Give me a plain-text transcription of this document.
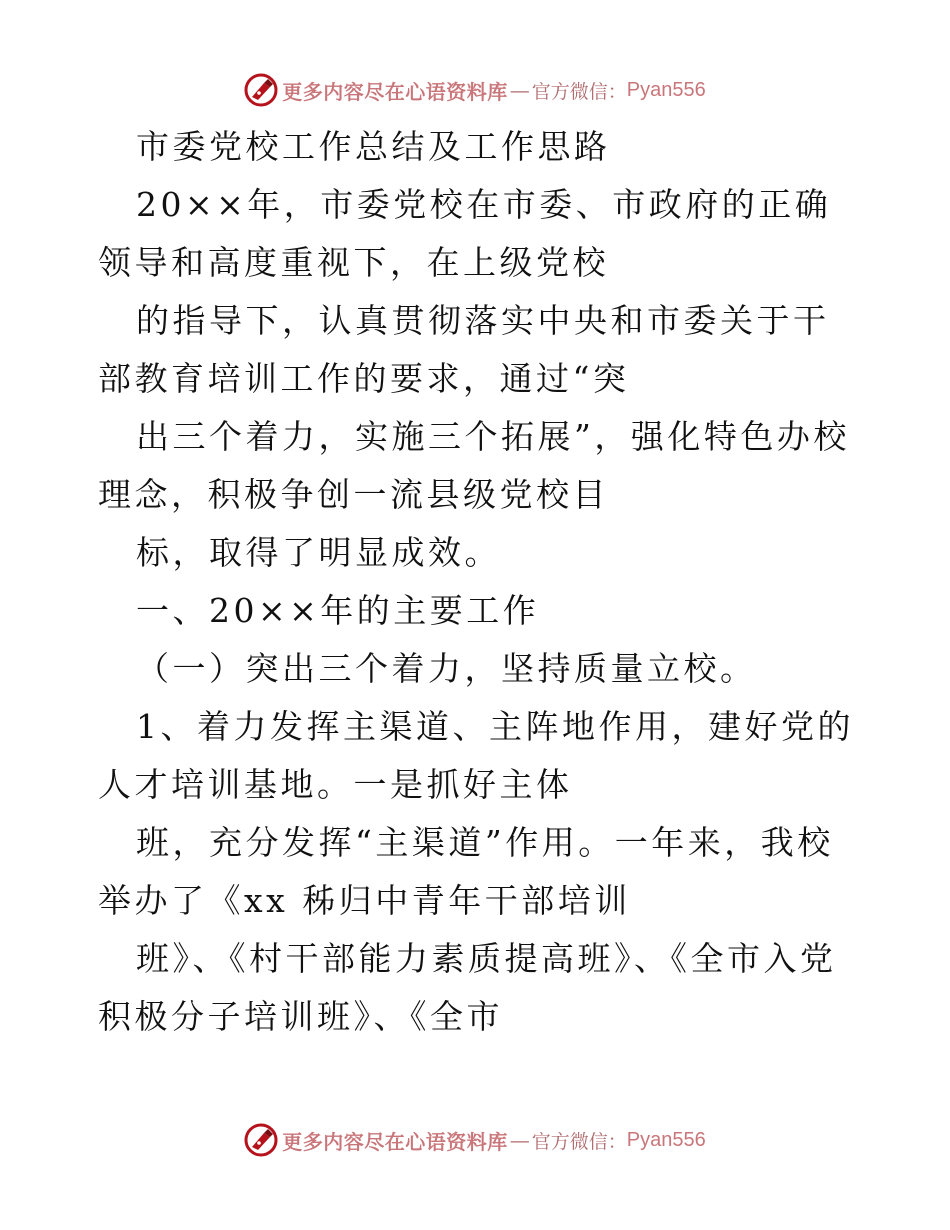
更多内容尽在心语资料库 — 官方微信： Pyan556

市委党校工作总结及工作思路

20××年，市委党校在市委、市政府的正确领导和高度重视下，在上级党校

的指导下，认真贯彻落实中央和市委关于干部教育培训工作的要求，通过“突

出三个着力，实施三个拓展”，强化特色办校理念，积极争创一流县级党校目

标，取得了明显成效。

一、20××年的主要工作

（一）突出三个着力，坚持质量立校。

1、着力发挥主渠道、主阵地作用，建好党的人才培训基地。一是抓好主体

班，充分发挥“主渠道”作用。一年来，我校举办了《xx 秭归中青年干部培训

班》、《村干部能力素质提高班》、《全市入党积极分子培训班》、《全市

更多内容尽在心语资料库 — 官方微信： Pyan556
